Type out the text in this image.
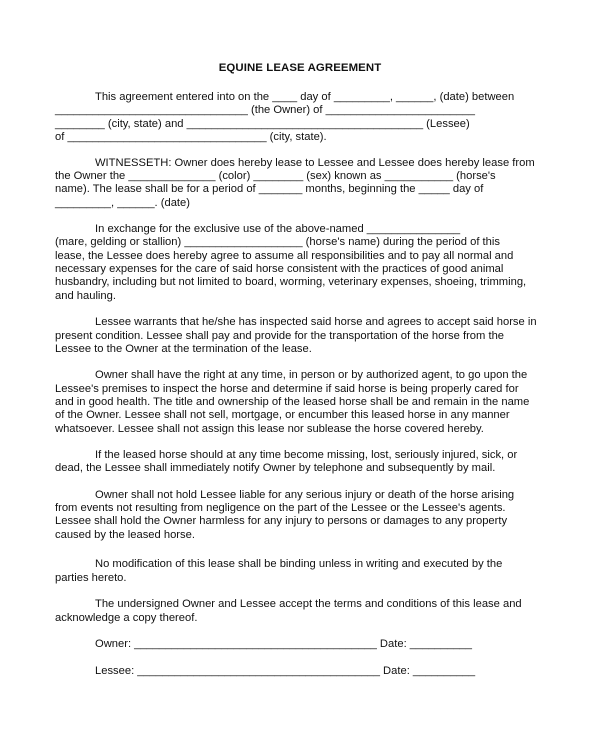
EQUINE LEASE AGREEMENT
This agreement entered into on the ____ day of _________, ______, (date) between
_______________________________ (the Owner) of ________________________
________ (city, state) and ______________________________________ (Lessee)
of ________________________________ (city, state).
WITNESSETH: Owner does hereby lease to Lessee and Lessee does hereby lease from
the Owner the ______________ (color) ________ (sex) known as ___________ (horse's
name). The lease shall be for a period of _______ months, beginning the _____ day of
_________, ______. (date)
In exchange for the exclusive use of the above-named _______________
(mare, gelding or stallion) ___________________ (horse's name) during the period of this
lease, the Lessee does hereby agree to assume all responsibilities and to pay all normal and
necessary expenses for the care of said horse consistent with the practices of good animal
husbandry, including but not limited to board, worming, veterinary expenses, shoeing, trimming,
and hauling.
Lessee warrants that he/she has inspected said horse and agrees to accept said horse in
present condition. Lessee shall pay and provide for the transportation of the horse from the
Lessee to the Owner at the termination of the lease.
Owner shall have the right at any time, in person or by authorized agent, to go upon the
Lessee's premises to inspect the horse and determine if said horse is being properly cared for
and in good health. The title and ownership of the leased horse shall be and remain in the name
of the Owner. Lessee shall not sell, mortgage, or encumber this leased horse in any manner
whatsoever. Lessee shall not assign this lease nor sublease the horse covered hereby.
If the leased horse should at any time become missing, lost, seriously injured, sick, or
dead, the Lessee shall immediately notify Owner by telephone and subsequently by mail.
Owner shall not hold Lessee liable for any serious injury or death of the horse arising
from events not resulting from negligence on the part of the Lessee or the Lessee's agents.
Lessee shall hold the Owner harmless for any injury to persons or damages to any property
caused by the leased horse.
No modification of this lease shall be binding unless in writing and executed by the
parties hereto.
The undersigned Owner and Lessee accept the terms and conditions of this lease and
acknowledge a copy thereof.
Owner: _______________________________________ Date: __________
Lessee: _______________________________________ Date: __________
